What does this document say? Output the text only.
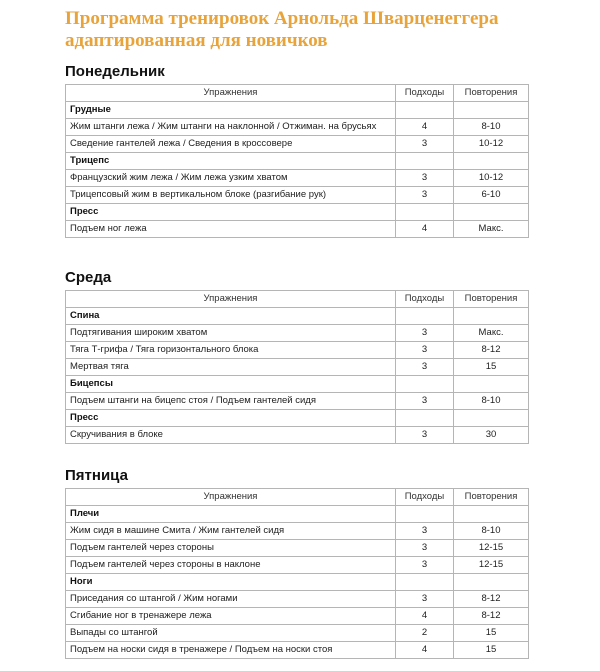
Программа тренировок Арнольда Шварценеггера
адаптированная для новичков
Понедельник
Упражнения	Подходы	Повторения
Грудные		
Жим штанги лежа / Жим штанги на наклонной / Отжиман. на брусьях	4	8-10
Сведение гантелей лежа / Сведения в кроссовере	3	10-12
Трицепс		
Французский жим лежа / Жим лежа узким хватом	3	10-12
Трицепсовый жим в вертикальном блоке (разгибание рук)	3	6-10
Пресс		
Подъем ног лежа	4	Макс.
Среда
Упражнения	Подходы	Повторения
Спина		
Подтягивания широким хватом	3	Макс.
Тяга Т-грифа / Тяга горизонтального блока	3	8-12
Мертвая тяга	3	15
Бицепсы		
Подъем штанги на бицепс стоя / Подъем гантелей сидя	3	8-10
Пресс		
Скручивания в блоке	3	30
Пятница
Упражнения	Подходы	Повторения
Плечи		
Жим сидя в машине Смита / Жим гантелей сидя	3	8-10
Подъем гантелей через стороны	3	12-15
Подъем гантелей через стороны в наклоне	3	12-15
Ноги		
Приседания со штангой / Жим ногами	3	8-12
Сгибание ног в тренажере лежа	4	8-12
Выпады со штангой	2	15
Подъем на носки сидя в тренажере / Подъем на носки стоя	4	15
